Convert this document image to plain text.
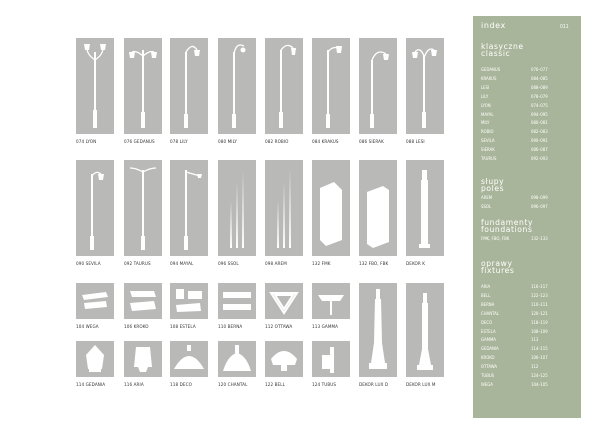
074 LYON	076 GEDANUS	078 LILY	080 MILY	082 ROBIO	084 KRAKUS	086 SIERAK	088 LESI
090 SEVILA	092 TAURUS	094 MAYAL	096 SSOL	098 AREM	132 FMK	132 FBO, FBK	DEKOR K
104 WEGA	106 KROKO	108 ESTELA	110 BERNA	112 OTTAWA	113 GAMMA
114 GEDANIA	116 ARIA	118 DECO	120 CHANTAL	122 BELL	124 TUBUS	DEKOR LUX D	DEKOR LUX M
index	011
klasyczne
classic
GEDANUS	076–077
KRAKUS	084–085
LESI	088–089
LILY	078–079
LYON	074–075
MAYAL	094–095
MILY	080–081
ROBIO	082–083
SEVILA	090–091
SIERAK	086–087
TAURUS	092–093
słupy
poles
AREM	098–099
SSOL	096–097
fundamenty
foundations
FMK, FBO, FBK	132–133
oprawy
fixtures
ARIA	116–117
BELL	122–123
BERNA	110–111
CHANTAL	120–121
DECO	118–119
ESTELA	108–109
GAMMA	113
GEDANIA	114–115
KROKO	106–107
OTTAWA	112
TUBUS	124–125
WEGA	104–105
